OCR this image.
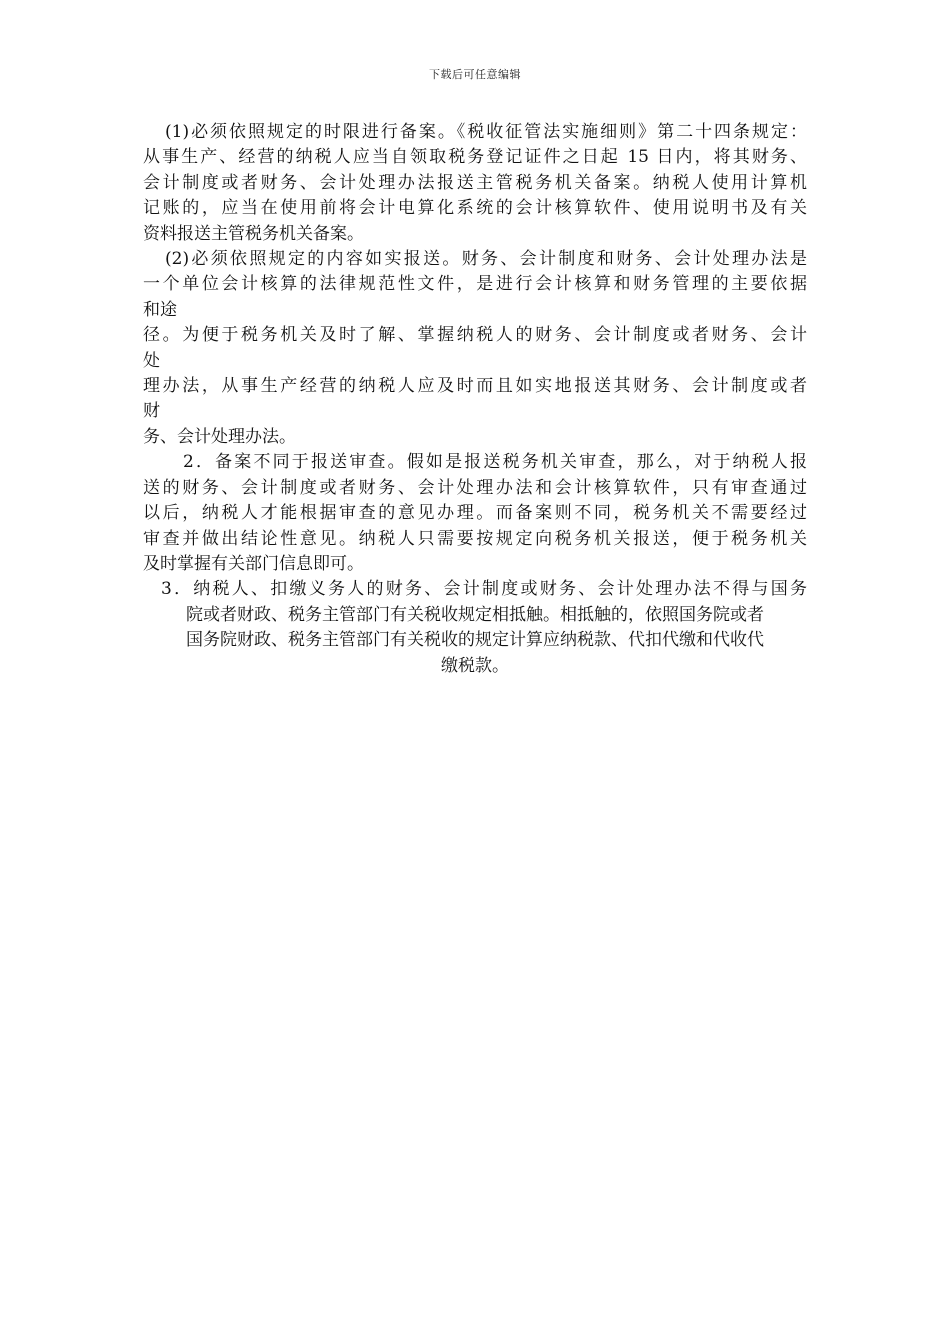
下载后可任意编辑
(1)必须依照规定的时限进行备案。《税收征管法实施细则》第二十四条规定：
从事生产、经营的纳税人应当自领取税务登记证件之日起 15 日内，将其财务、
会计制度或者财务、会计处理办法报送主管税务机关备案。纳税人使用计算机
记账的，应当在使用前将会计电算化系统的会计核算软件、使用说明书及有关
资料报送主管税务机关备案。
(2)必须依照规定的内容如实报送。财务、会计制度和财务、会计处理办法是
一个单位会计核算的法律规范性文件，是进行会计核算和财务管理的主要依据
和途
径。为便于税务机关及时了解、掌握纳税人的财务、会计制度或者财务、会计
处
理办法，从事生产经营的纳税人应及时而且如实地报送其财务、会计制度或者
财
务、会计处理办法。
2．备案不同于报送审查。假如是报送税务机关审查，那么，对于纳税人报
送的财务、会计制度或者财务、会计处理办法和会计核算软件，只有审查通过
以后，纳税人才能根据审查的意见办理。而备案则不同，税务机关不需要经过
审查并做出结论性意见。纳税人只需要按规定向税务机关报送，便于税务机关
及时掌握有关部门信息即可。
3．纳税人、扣缴义务人的财务、会计制度或财务、会计处理办法不得与国务
院或者财政、税务主管部门有关税收规定相抵触。相抵触的，依照国务院或者
国务院财政、税务主管部门有关税收的规定计算应纳税款、代扣代缴和代收代
缴税款。
